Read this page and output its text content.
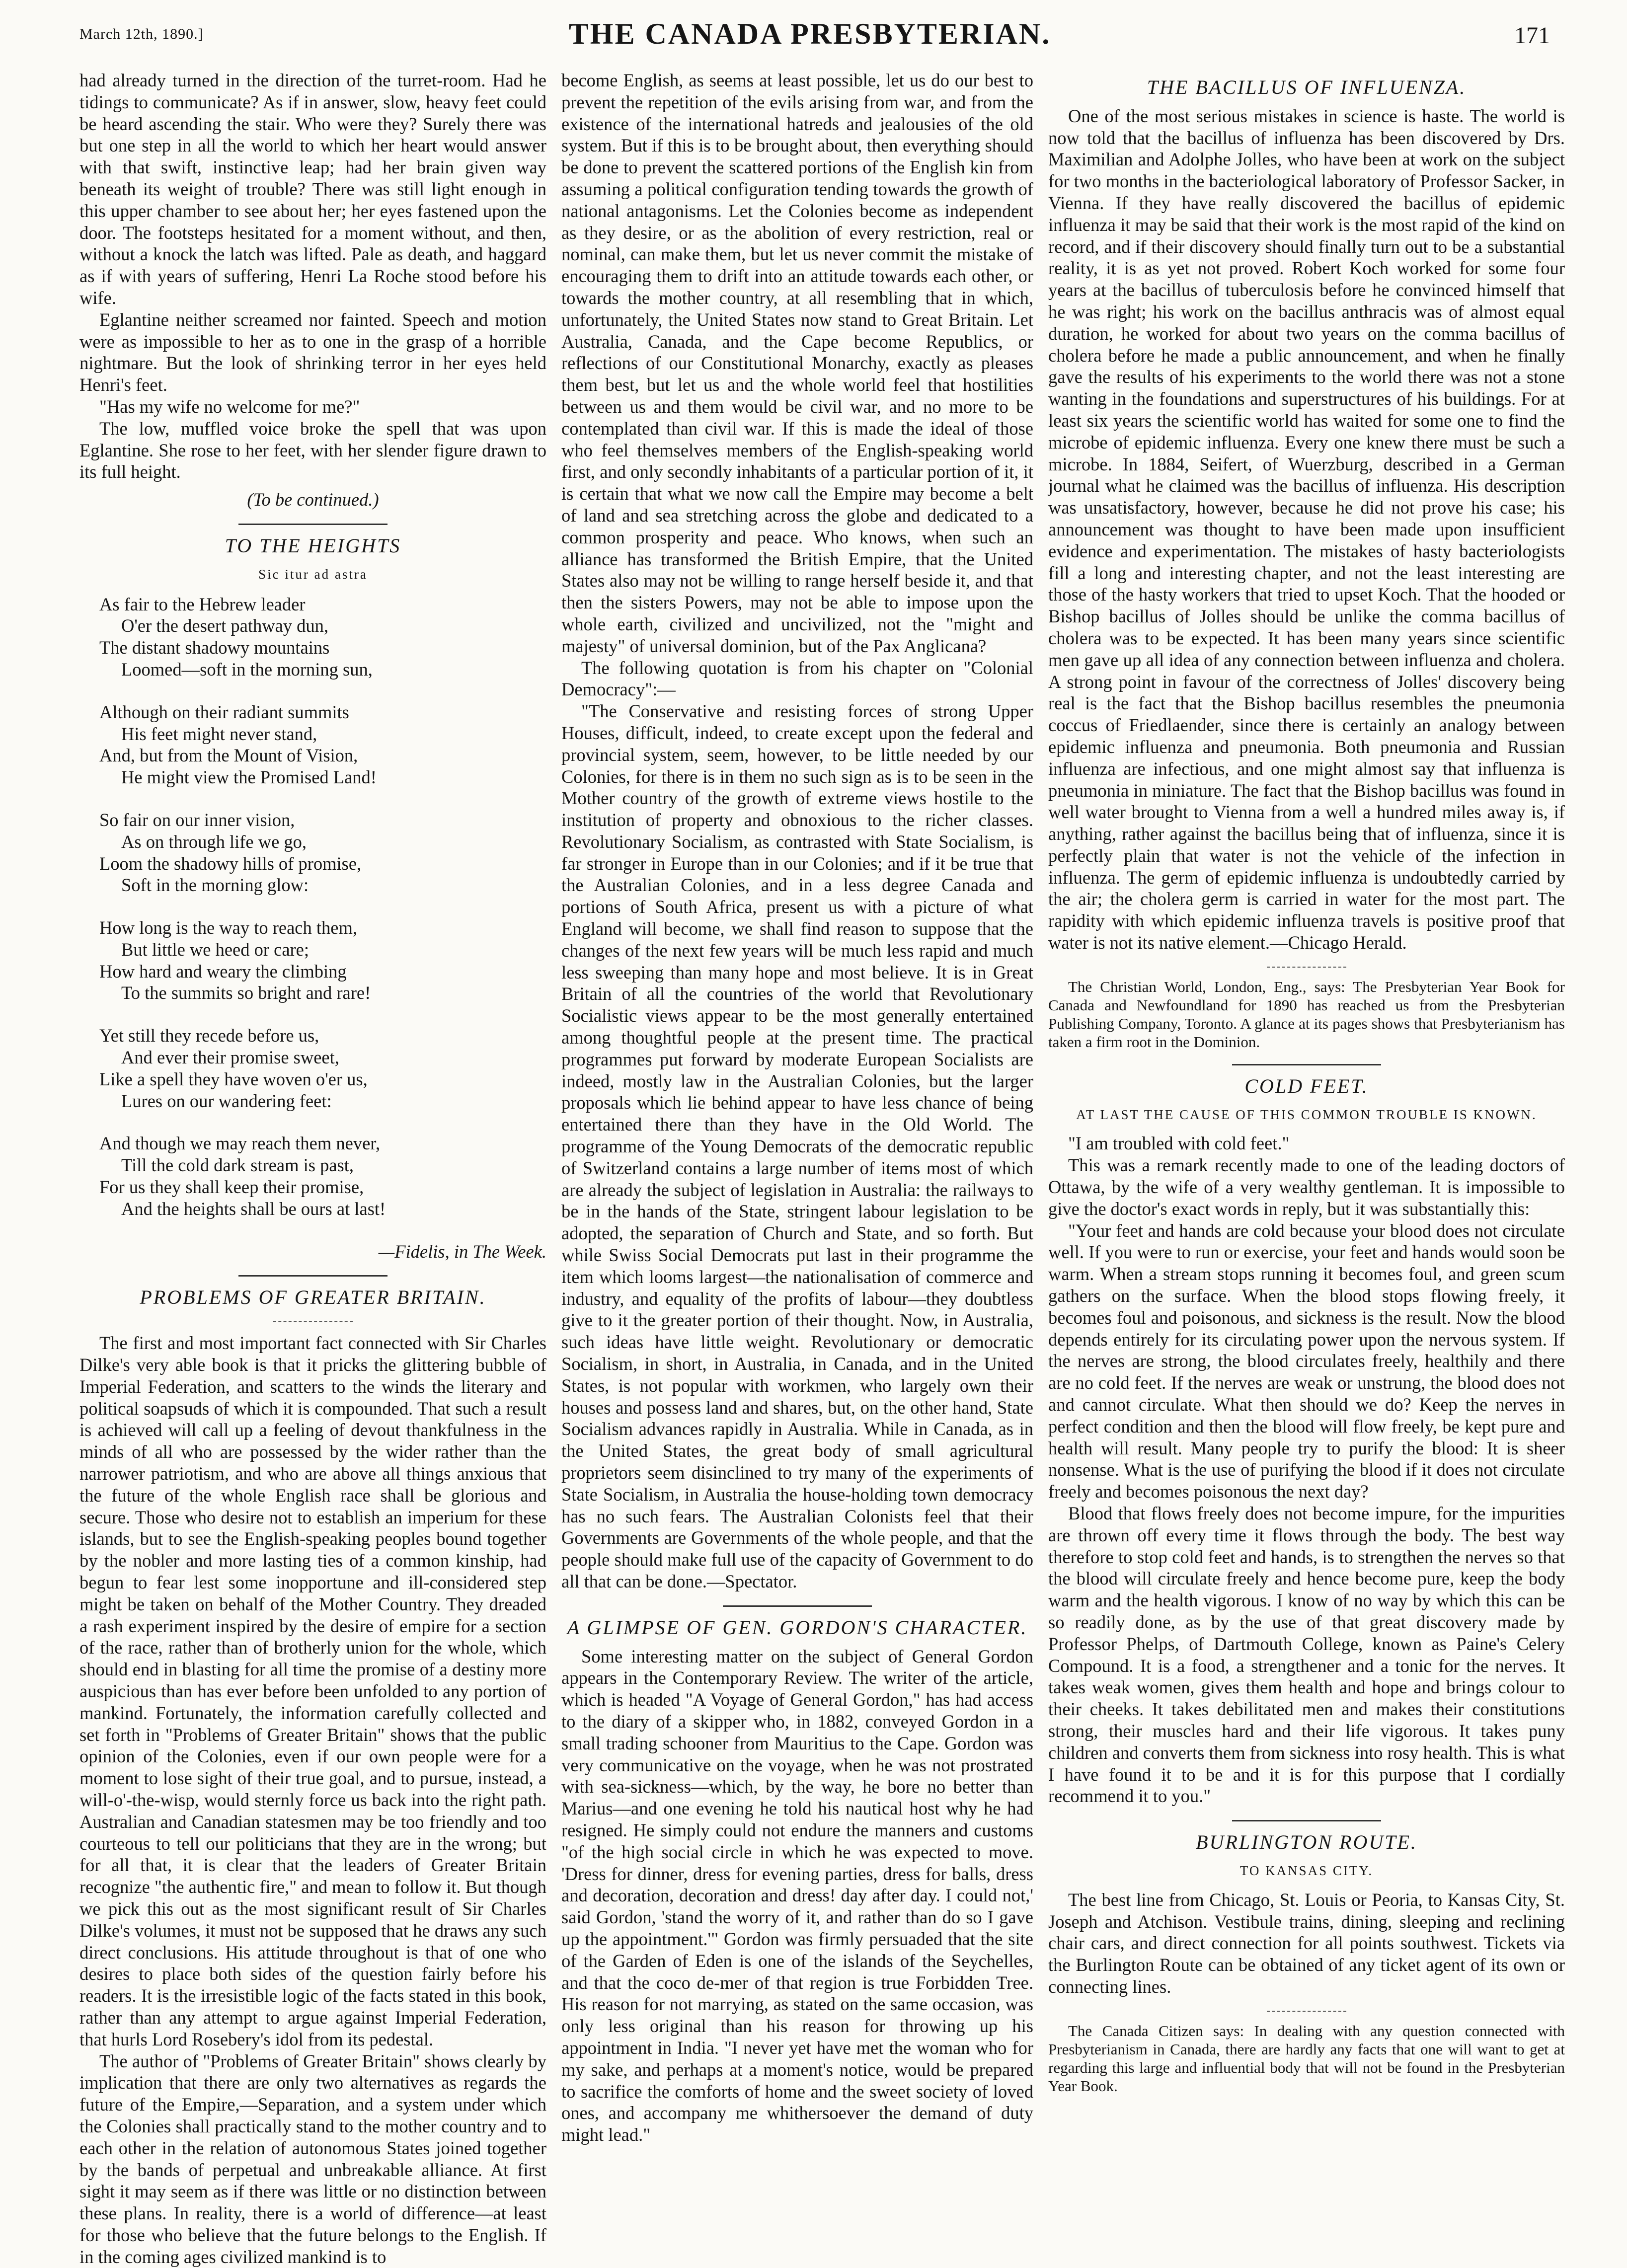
March 12th, 1890.]	THE CANADA PRESBYTERIAN.	171

had already turned in the direction of the turret-room. Had he tidings to communicate? As if in answer, slow, heavy feet could be heard ascending the stair. Who were they? Surely there was but one step in all the world to which her heart would answer with that swift, instinctive leap; had her brain given way beneath its weight of trouble? There was still light enough in this upper chamber to see about her; her eyes fastened upon the door. The footsteps hesitated for a moment without, and then, without a knock the latch was lifted. Pale as death, and haggard as if with years of suffering, Henri La Roche stood before his wife.

Eglantine neither screamed nor fainted. Speech and motion were as impossible to her as to one in the grasp of a horrible nightmare. But the look of shrinking terror in her eyes held Henri's feet.

"Has my wife no welcome for me?"

The low, muffled voice broke the spell that was upon Eglantine. She rose to her feet, with her slender figure drawn to its full height.

(To be continued.)
TO THE HEIGHTS
Sic itur ad astra
As fair to the Hebrew leader
O'er the desert pathway dun,
The distant shadowy mountains
Loomed—soft in the morning sun,
Although on their radiant summits
His feet might never stand,
And, but from the Mount of Vision,
He might view the Promised Land!
So fair on our inner vision,
As on through life we go,
Loom the shadowy hills of promise,
Soft in the morning glow:
How long is the way to reach them,
But little we heed or care;
How hard and weary the climbing
To the summits so bright and rare!
Yet still they recede before us,
And ever their promise sweet,
Like a spell they have woven o'er us,
Lures on our wandering feet:
And though we may reach them never,
Till the cold dark stream is past,
For us they shall keep their promise,
And the heights shall be ours at last!
—Fidelis, in The Week.
PROBLEMS OF GREATER BRITAIN.

The first and most important fact connected with Sir Charles Dilke's very able book is that it pricks the glittering bubble of Imperial Federation, and scatters to the winds the literary and political soapsuds of which it is compounded. That such a result is achieved will call up a feeling of devout thankfulness in the minds of all who are possessed by the wider rather than the narrower patriotism, and who are above all things anxious that the future of the whole English race shall be glorious and secure. Those who desire not to establish an imperium for these islands, but to see the English-speaking peoples bound together by the nobler and more lasting ties of a common kinship, had begun to fear lest some inopportune and ill-considered step might be taken on behalf of the Mother Country. They dreaded a rash experiment inspired by the desire of empire for a section of the race, rather than of brotherly union for the whole, which should end in blasting for all time the promise of a destiny more auspicious than has ever before been unfolded to any portion of mankind. Fortunately, the information carefully collected and set forth in "Problems of Greater Britain" shows that the public opinion of the Colonies, even if our own people were for a moment to lose sight of their true goal, and to pursue, instead, a will-o'-the-wisp, would sternly force us back into the right path. Australian and Canadian statesmen may be too friendly and too courteous to tell our politicians that they are in the wrong; but for all that, it is clear that the leaders of Greater Britain recognize "the authentic fire," and mean to follow it. But though we pick this out as the most significant result of Sir Charles Dilke's volumes, it must not be supposed that he draws any such direct conclusions. His attitude throughout is that of one who desires to place both sides of the question fairly before his readers. It is the irresistible logic of the facts stated in this book, rather than any attempt to argue against Imperial Federation, that hurls Lord Rosebery's idol from its pedestal.

The author of "Problems of Greater Britain" shows clearly by implication that there are only two alternatives as regards the future of the Empire,—Separation, and a system under which the Colonies shall practically stand to the mother country and to each other in the relation of autonomous States joined together by the bands of perpetual and unbreakable alliance. At first sight it may seem as if there was little or no distinction between these plans. In reality, there is a world of difference—at least for those who believe that the future belongs to the English. If in the coming ages civilized mankind is to

become English, as seems at least possible, let us do our best to prevent the repetition of the evils arising from war, and from the existence of the international hatreds and jealousies of the old system. But if this is to be brought about, then everything should be done to prevent the scattered portions of the English kin from assuming a political configuration tending towards the growth of national antagonisms. Let the Colonies become as independent as they desire, or as the abolition of every restriction, real or nominal, can make them, but let us never commit the mistake of encouraging them to drift into an attitude towards each other, or towards the mother country, at all resembling that in which, unfortunately, the United States now stand to Great Britain. Let Australia, Canada, and the Cape become Republics, or reflections of our Constitutional Monarchy, exactly as pleases them best, but let us and the whole world feel that hostilities between us and them would be civil war, and no more to be contemplated than civil war. If this is made the ideal of those who feel themselves members of the English-speaking world first, and only secondly inhabitants of a particular portion of it, it is certain that what we now call the Empire may become a belt of land and sea stretching across the globe and dedicated to a common prosperity and peace. Who knows, when such an alliance has transformed the British Empire, that the United States also may not be willing to range herself beside it, and that then the sisters Powers, may not be able to impose upon the whole earth, civilized and uncivilized, not the "might and majesty" of universal dominion, but of the Pax Anglicana?

The following quotation is from his chapter on "Colonial Democracy":—

"The Conservative and resisting forces of strong Upper Houses, difficult, indeed, to create except upon the federal and provincial system, seem, however, to be little needed by our Colonies, for there is in them no such sign as is to be seen in the Mother country of the growth of extreme views hostile to the institution of property and obnoxious to the richer classes. Revolutionary Socialism, as contrasted with State Socialism, is far stronger in Europe than in our Colonies; and if it be true that the Australian Colonies, and in a less degree Canada and portions of South Africa, present us with a picture of what England will become, we shall find reason to suppose that the changes of the next few years will be much less rapid and much less sweeping than many hope and most believe. It is in Great Britain of all the countries of the world that Revolutionary Socialistic views appear to be the most generally entertained among thoughtful people at the present time. The practical programmes put forward by moderate European Socialists are indeed, mostly law in the Australian Colonies, but the larger proposals which lie behind appear to have less chance of being entertained there than they have in the Old World. The programme of the Young Democrats of the democratic republic of Switzerland contains a large number of items most of which are already the subject of legislation in Australia: the railways to be in the hands of the State, stringent labour legislation to be adopted, the separation of Church and State, and so forth. But while Swiss Social Democrats put last in their programme the item which looms largest—the nationalisation of commerce and industry, and equality of the profits of labour—they doubtless give to it the greater portion of their thought. Now, in Australia, such ideas have little weight. Revolutionary or democratic Socialism, in short, in Australia, in Canada, and in the United States, is not popular with workmen, who largely own their houses and possess land and shares, but, on the other hand, State Socialism advances rapidly in Australia. While in Canada, as in the United States, the great body of small agricultural proprietors seem disinclined to try many of the experiments of State Socialism, in Australia the house-holding town democracy has no such fears. The Australian Colonists feel that their Governments are Governments of the whole people, and that the people should make full use of the capacity of Government to do all that can be done.—Spectator.

A GLIMPSE OF GEN. GORDON'S CHARACTER.

Some interesting matter on the subject of General Gordon appears in the Contemporary Review. The writer of the article, which is headed "A Voyage of General Gordon," has had access to the diary of a skipper who, in 1882, conveyed Gordon in a small trading schooner from Mauritius to the Cape. Gordon was very communicative on the voyage, when he was not prostrated with sea-sickness—which, by the way, he bore no better than Marius—and one evening he told his nautical host why he had resigned. He simply could not endure the manners and customs "of the high social circle in which he was expected to move. 'Dress for dinner, dress for evening parties, dress for balls, dress and decoration, decoration and dress! day after day. I could not,' said Gordon, 'stand the worry of it, and rather than do so I gave up the appointment.'" Gordon was firmly persuaded that the site of the Garden of Eden is one of the islands of the Seychelles, and that the coco de-mer of that region is true Forbidden Tree. His reason for not marrying, as stated on the same occasion, was only less original than his reason for throwing up his appointment in India. "I never yet have met the woman who for my sake, and perhaps at a moment's notice, would be prepared to sacrifice the comforts of home and the sweet society of loved ones, and accompany me whithersoever the demand of duty might lead."

THE BACILLUS OF INFLUENZA.

One of the most serious mistakes in science is haste. The world is now told that the bacillus of influenza has been discovered by Drs. Maximilian and Adolphe Jolles, who have been at work on the subject for two months in the bacteriological laboratory of Professor Sacker, in Vienna. If they have really discovered the bacillus of epidemic influenza it may be said that their work is the most rapid of the kind on record, and if their discovery should finally turn out to be a substantial reality, it is as yet not proved. Robert Koch worked for some four years at the bacillus of tuberculosis before he convinced himself that he was right; his work on the bacillus anthracis was of almost equal duration, he worked for about two years on the comma bacillus of cholera before he made a public announcement, and when he finally gave the results of his experiments to the world there was not a stone wanting in the foundations and superstructures of his buildings. For at least six years the scientific world has waited for some one to find the microbe of epidemic influenza. Every one knew there must be such a microbe. In 1884, Seifert, of Wuerzburg, described in a German journal what he claimed was the bacillus of influenza. His description was unsatisfactory, however, because he did not prove his case; his announcement was thought to have been made upon insufficient evidence and experimentation. The mistakes of hasty bacteriologists fill a long and interesting chapter, and not the least interesting are those of the hasty workers that tried to upset Koch. That the hooded or Bishop bacillus of Jolles should be unlike the comma bacillus of cholera was to be expected. It has been many years since scientific men gave up all idea of any connection between influenza and cholera. A strong point in favour of the correctness of Jolles' discovery being real is the fact that the Bishop bacillus resembles the pneumonia coccus of Friedlaender, since there is certainly an analogy between epidemic influenza and pneumonia. Both pneumonia and Russian influenza are infectious, and one might almost say that influenza is pneumonia in miniature. The fact that the Bishop bacillus was found in well water brought to Vienna from a well a hundred miles away is, if anything, rather against the bacillus being that of influenza, since it is perfectly plain that water is not the vehicle of the infection in influenza. The germ of epidemic influenza is undoubtedly carried by the air; the cholera germ is carried in water for the most part. The rapidity with which epidemic influenza travels is positive proof that water is not its native element.—Chicago Herald.

The Christian World, London, Eng., says: The Presbyterian Year Book for Canada and Newfoundland for 1890 has reached us from the Presbyterian Publishing Company, Toronto. A glance at its pages shows that Presbyterianism has taken a firm root in the Dominion.

COLD FEET.
AT LAST THE CAUSE OF THIS COMMON TROUBLE IS KNOWN.

"I am troubled with cold feet."

This was a remark recently made to one of the leading doctors of Ottawa, by the wife of a very wealthy gentleman. It is impossible to give the doctor's exact words in reply, but it was substantially this:

"Your feet and hands are cold because your blood does not circulate well. If you were to run or exercise, your feet and hands would soon be warm. When a stream stops running it becomes foul, and green scum gathers on the surface. When the blood stops flowing freely, it becomes foul and poisonous, and sickness is the result. Now the blood depends entirely for its circulating power upon the nervous system. If the nerves are strong, the blood circulates freely, healthily and there are no cold feet. If the nerves are weak or unstrung, the blood does not and cannot circulate. What then should we do? Keep the nerves in perfect condition and then the blood will flow freely, be kept pure and health will result. Many people try to purify the blood: It is sheer nonsense. What is the use of purifying the blood if it does not circulate freely and becomes poisonous the next day?

Blood that flows freely does not become impure, for the impurities are thrown off every time it flows through the body. The best way therefore to stop cold feet and hands, is to strengthen the nerves so that the blood will circulate freely and hence become pure, keep the body warm and the health vigorous. I know of no way by which this can be so readily done, as by the use of that great discovery made by Professor Phelps, of Dartmouth College, known as Paine's Celery Compound. It is a food, a strengthener and a tonic for the nerves. It takes weak women, gives them health and hope and brings colour to their cheeks. It takes debilitated men and makes their constitutions strong, their muscles hard and their life vigorous. It takes puny children and converts them from sickness into rosy health. This is what I have found it to be and it is for this purpose that I cordially recommend it to you."

BURLINGTON ROUTE.
TO KANSAS CITY.

The best line from Chicago, St. Louis or Peoria, to Kansas City, St. Joseph and Atchison. Vestibule trains, dining, sleeping and reclining chair cars, and direct connection for all points southwest. Tickets via the Burlington Route can be obtained of any ticket agent of its own or connecting lines.

The Canada Citizen says: In dealing with any question connected with Presbyterianism in Canada, there are hardly any facts that one will want to get at regarding this large and influential body that will not be found in the Presbyterian Year Book.
